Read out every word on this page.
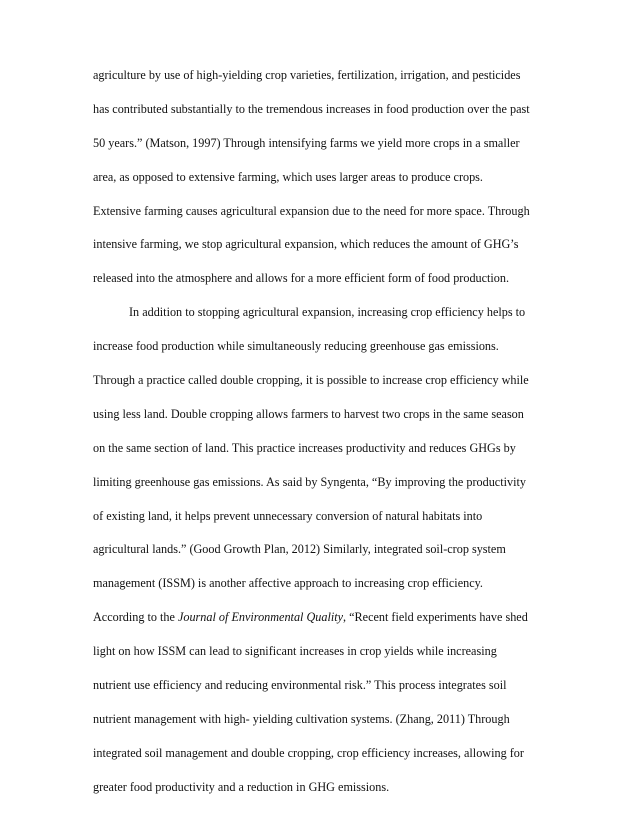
agriculture by use of high-yielding crop varieties, fertilization, irrigation, and pesticides
has contributed substantially to the tremendous increases in food production over the past
50 years.” (Matson, 1997) Through intensifying farms we yield more crops in a smaller
area, as opposed to extensive farming, which uses larger areas to produce crops.
Extensive farming causes agricultural expansion due to the need for more space. Through
intensive farming, we stop agricultural expansion, which reduces the amount of GHG’s
released into the atmosphere and allows for a more efficient form of food production.
In addition to stopping agricultural expansion, increasing crop efficiency helps to
increase food production while simultaneously reducing greenhouse gas emissions.
Through a practice called double cropping, it is possible to increase crop efficiency while
using less land. Double cropping allows farmers to harvest two crops in the same season
on the same section of land. This practice increases productivity and reduces GHGs by
limiting greenhouse gas emissions. As said by Syngenta, “By improving the productivity
of existing land, it helps prevent unnecessary conversion of natural habitats into
agricultural lands.” (Good Growth Plan, 2012) Similarly, integrated soil-crop system
management (ISSM) is another affective approach to increasing crop efficiency.
According to the Journal of Environmental Quality, “Recent field experiments have shed
light on how ISSM can lead to significant increases in crop yields while increasing
nutrient use efficiency and reducing environmental risk.” This process integrates soil
nutrient management with high- yielding cultivation systems. (Zhang, 2011) Through
integrated soil management and double cropping, crop efficiency increases, allowing for
greater food productivity and a reduction in GHG emissions.
